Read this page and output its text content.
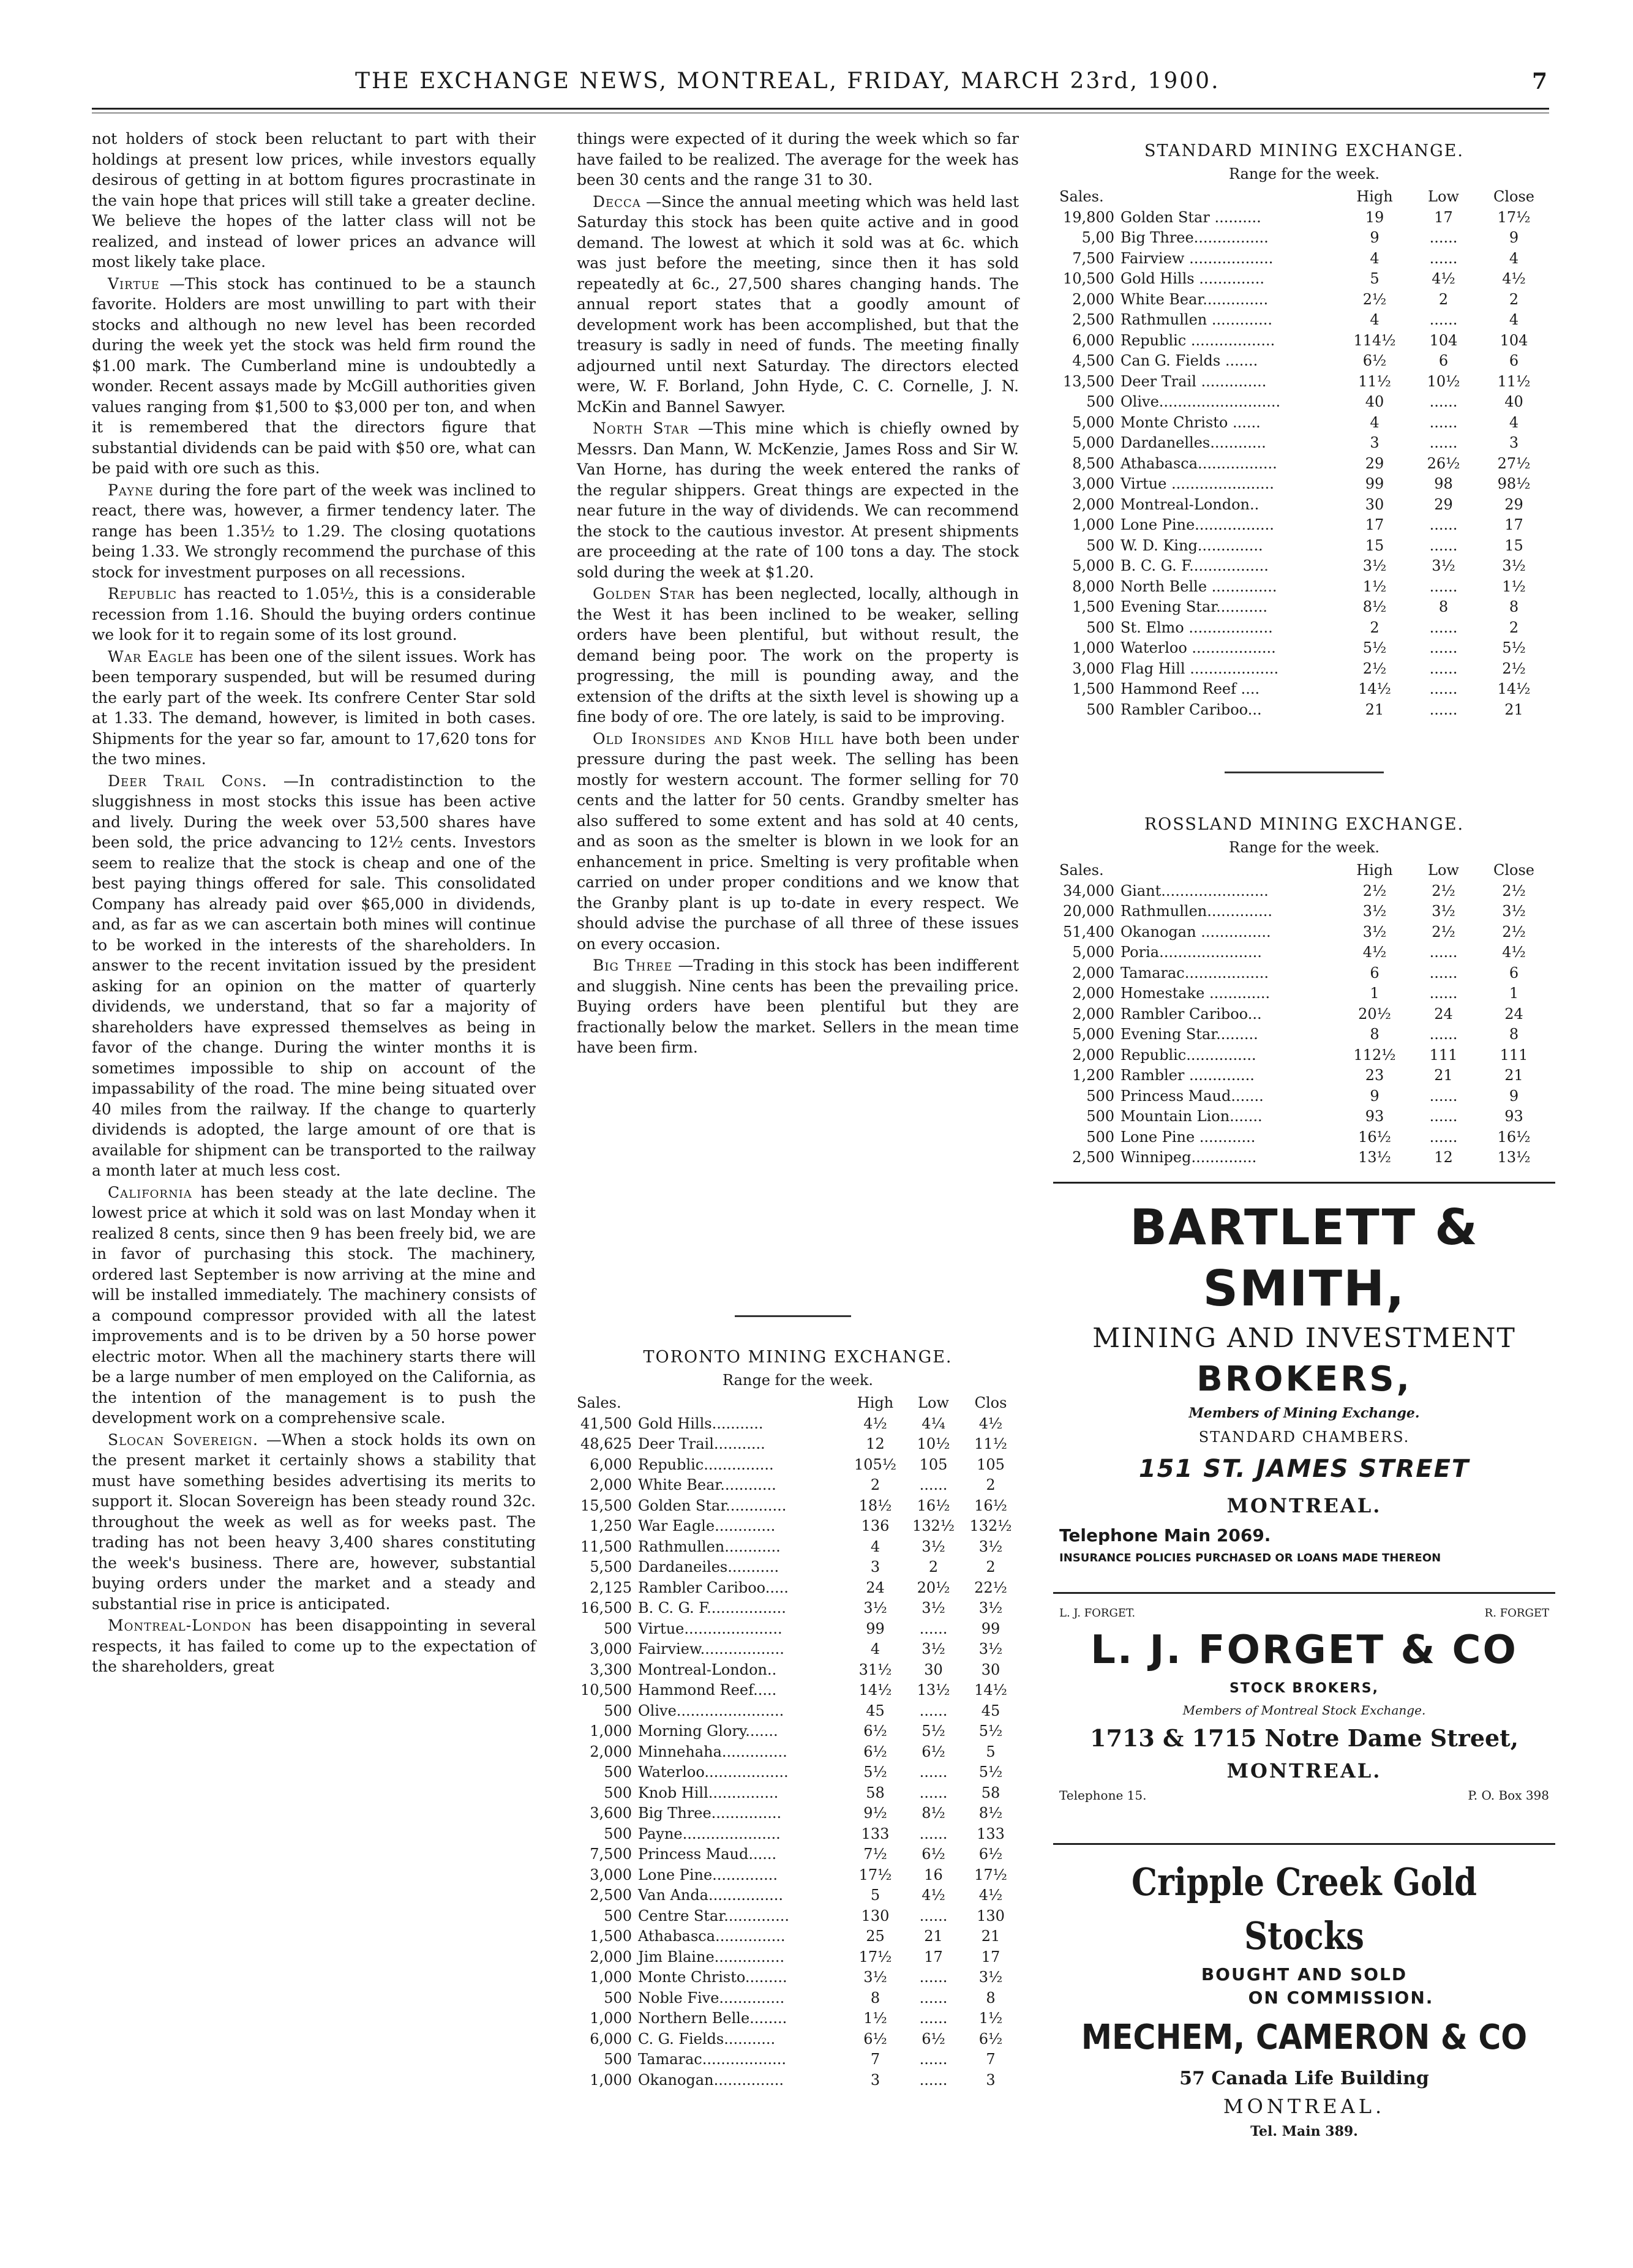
THE EXCHANGE NEWS, MONTREAL, FRIDAY, MARCH 23rd, 1900.	7

not holders of stock been reluctant to part with their holdings at present low prices, while investors equally desirous of getting in at bottom figures procrastinate in the vain hope that prices will still take a greater decline. We believe the hopes of the latter class will not be realized, and instead of lower prices an advance will most likely take place.

Virtue —This stock has continued to be a staunch favorite. Holders are most unwilling to part with their stocks and although no new level has been recorded during the week yet the stock was held firm round the $1.00 mark. The Cumberland mine is undoubtedly a wonder. Recent assays made by McGill authorities given values ranging from $1,500 to $3,000 per ton, and when it is remembered that the directors figure that substantial dividends can be paid with $50 ore, what can be paid with ore such as this.

Payne during the fore part of the week was inclined to react, there was, however, a firmer tendency later. The range has been 1.35½ to 1.29. The closing quotations being 1.33. We strongly recommend the purchase of this stock for investment purposes on all recessions.

Republic has reacted to 1.05½, this is a considerable recession from 1.16. Should the buying orders continue we look for it to regain some of its lost ground.

War Eagle has been one of the silent issues. Work has been temporary suspended, but will be resumed during the early part of the week. Its confrere Center Star sold at 1.33. The demand, however, is limited in both cases. Shipments for the year so far, amount to 17,620 tons for the two mines.

Deer Trail Cons. —In contradistinction to the sluggishness in most stocks this issue has been active and lively. During the week over 53,500 shares have been sold, the price advancing to 12½ cents. Investors seem to realize that the stock is cheap and one of the best paying things offered for sale. This consolidated Company has already paid over $65,000 in dividends, and, as far as we can ascertain both mines will continue to be worked in the interests of the shareholders. In answer to the recent invitation issued by the president asking for an opinion on the matter of quarterly dividends, we understand, that so far a majority of shareholders have expressed themselves as being in favor of the change. During the winter months it is sometimes impossible to ship on account of the impassability of the road. The mine being situated over 40 miles from the railway. If the change to quarterly dividends is adopted, the large amount of ore that is available for shipment can be transported to the railway a month later at much less cost.

California has been steady at the late decline. The lowest price at which it sold was on last Monday when it realized 8 cents, since then 9 has been freely bid, we are in favor of purchasing this stock. The machinery, ordered last September is now arriving at the mine and will be installed immediately. The machinery consists of a compound compressor provided with all the latest improvements and is to be driven by a 50 horse power electric motor. When all the machinery starts there will be a large number of men employed on the California, as the intention of the management is to push the development work on a comprehensive scale.

Slocan Sovereign. —When a stock holds its own on the present market it certainly shows a stability that must have something besides advertising its merits to support it. Slocan Sovereign has been steady round 32c. throughout the week as well as for weeks past. The trading has not been heavy 3,400 shares constituting the week's business. There are, however, substantial buying orders under the market and a steady and substantial rise in price is anticipated.

Montreal-London has been disappointing in several respects, it has failed to come up to the expectation of the shareholders, great

things were expected of it during the week which so far have failed to be realized. The average for the week has been 30 cents and the range 31 to 30.

Decca —Since the annual meeting which was held last Saturday this stock has been quite active and in good demand. The lowest at which it sold was at 6c. which was just before the meeting, since then it has sold repeatedly at 6c., 27,500 shares changing hands. The annual report states that a goodly amount of development work has been accomplished, but that the treasury is sadly in need of funds. The meeting finally adjourned until next Saturday. The directors elected were, W. F. Borland, John Hyde, C. C. Cornelle, J. N. McKin and Bannel Sawyer.

North Star —This mine which is chiefly owned by Messrs. Dan Mann, W. McKenzie, James Ross and Sir W. Van Horne, has during the week entered the ranks of the regular shippers. Great things are expected in the near future in the way of dividends. We can recommend the stock to the cautious investor. At present shipments are proceeding at the rate of 100 tons a day. The stock sold during the week at $1.20.

Golden Star has been neglected, locally, although in the West it has been inclined to be weaker, selling orders have been plentiful, but without result, the demand being poor. The work on the property is progressing, the mill is pounding away, and the extension of the drifts at the sixth level is showing up a fine body of ore. The ore lately, is said to be improving.

Old Ironsides and Knob Hill have both been under pressure during the past week. The selling has been mostly for western account. The former selling for 70 cents and the latter for 50 cents. Grandby smelter has also suffered to some extent and has sold at 40 cents, and as soon as the smelter is blown in we look for an enhancement in price. Smelting is very profitable when carried on under proper conditions and we know that the Granby plant is up to-date in every respect. We should advise the purchase of all three of these issues on every occasion.

Big Three —Trading in this stock has been indifferent and sluggish. Nine cents has been the prevailing price. Buying orders have been plentiful but they are fractionally below the market. Sellers in the mean time have been firm.

TORONTO MINING EXCHANGE.
Range for the week.
Sales.		High	Low	Clos
41,500	Gold Hills...........	4½	4¼	4½
48,625	Deer Trail...........	12	10½	11½
6,000	Republic...............	105½	105	105
2,000	White Bear............	2	......	2
15,500	Golden Star.............	18½	16½	16½
1,250	War Eagle.............	136	132½	132½
11,500	Rathmullen............	4	3½	3½
5,500	Dardaneiles...........	3	2	2
2,125	Rambler Cariboo.....	24	20½	22½
16,500	B. C. G. F.................	3½	3½	3½
500	Virtue.....................	99	......	99
3,000	Fairview..................	4	3½	3½
3,300	Montreal-London..	31½	30	30
10,500	Hammond Reef.....	14½	13½	14½
500	Olive.......................	45	......	45
1,000	Morning Glory.......	6½	5½	5½
2,000	Minnehaha..............	6½	6½	5
500	Waterloo..................	5½	......	5½
500	Knob Hill...............	58	......	58
3,600	Big Three...............	9½	8½	8½
500	Payne.....................	133	......	133
7,500	Princess Maud......	7½	6½	6½
3,000	Lone Pine..............	17½	16	17½
2,500	Van Anda................	5	4½	4½
500	Centre Star..............	130	......	130
1,500	Athabasca...............	25	21	21
2,000	Jim Blaine...............	17½	17	17
1,000	Monte Christo.........	3½	......	3½
500	Noble Five..............	8	......	8
1,000	Northern Belle........	1½	......	1½
6,000	C. G. Fields...........	6½	6½	6½
500	Tamarac..................	7	......	7
1,000	Okanogan...............	3	......	3
STANDARD MINING EXCHANGE.
Range for the week.
Sales.		High	Low	Close
19,800	Golden Star ..........	19	17	17½
5,00	Big Three................	9	......	9
7,500	Fairview ..................	4	......	4
10,500	Gold Hills ..............	5	4½	4½
2,000	White Bear..............	2½	2	2
2,500	Rathmullen .............	4	......	4
6,000	Republic ..................	114½	104	104
4,500	Can G. Fields .......	6½	6	6
13,500	Deer Trail ..............	11½	10½	11½
500	Olive..........................	40	......	40
5,000	Monte Christo ......	4	......	4
5,000	Dardanelles............	3	......	3
8,500	Athabasca.................	29	26½	27½
3,000	Virtue ......................	99	98	98½
2,000	Montreal-London..	30	29	29
1,000	Lone Pine.................	17	......	17
500	W. D. King..............	15	......	15
5,000	B. C. G. F.................	3½	3½	3½
8,000	North Belle ..............	1½	......	1½
1,500	Evening Star...........	8½	8	8
500	St. Elmo ..................	2	......	2
1,000	Waterloo ..................	5½	......	5½
3,000	Flag Hill ...................	2½	......	2½
1,500	Hammond Reef ....	14½	......	14½
500	Rambler Cariboo...	21	......	21
ROSSLAND MINING EXCHANGE.
Range for the week.
Sales.		High	Low	Close
34,000	Giant.......................	2½	2½	2½
20,000	Rathmullen..............	3½	3½	3½
51,400	Okanogan ...............	3½	2½	2½
5,000	Poria......................	4½	......	4½
2,000	Tamarac..................	6	......	6
2,000	Homestake .............	1	......	1
2,000	Rambler Cariboo...	20½	24	24
5,000	Evening Star.........	8	......	8
2,000	Republic...............	112½	111	111
1,200	Rambler ..............	23	21	21
500	Princess Maud.......	9	......	9
500	Mountain Lion.......	93	......	93
500	Lone Pine ............	16½	......	16½
2,500	Winnipeg..............	13½	12	13½
BARTLETT & SMITH,
MINING AND INVESTMENT
BROKERS,
Members of Mining Exchange.
STANDARD CHAMBERS.
151 ST. JAMES STREET
MONTREAL.
Telephone Main 2069.
INSURANCE POLICIES PURCHASED OR LOANS MADE THEREON
L. J. FORGET.	R. FORGET
L. J. FORGET & CO
STOCK BROKERS,
Members of Montreal Stock Exchange.
1713 & 1715 Notre Dame Street,
MONTREAL.
Telephone 15.	P. O. Box 398
Cripple Creek Gold Stocks
BOUGHT AND SOLD
ON COMMISSION.
MECHEM, CAMERON & CO
57 Canada Life Building
MONTREAL.
Tel. Main 389.
